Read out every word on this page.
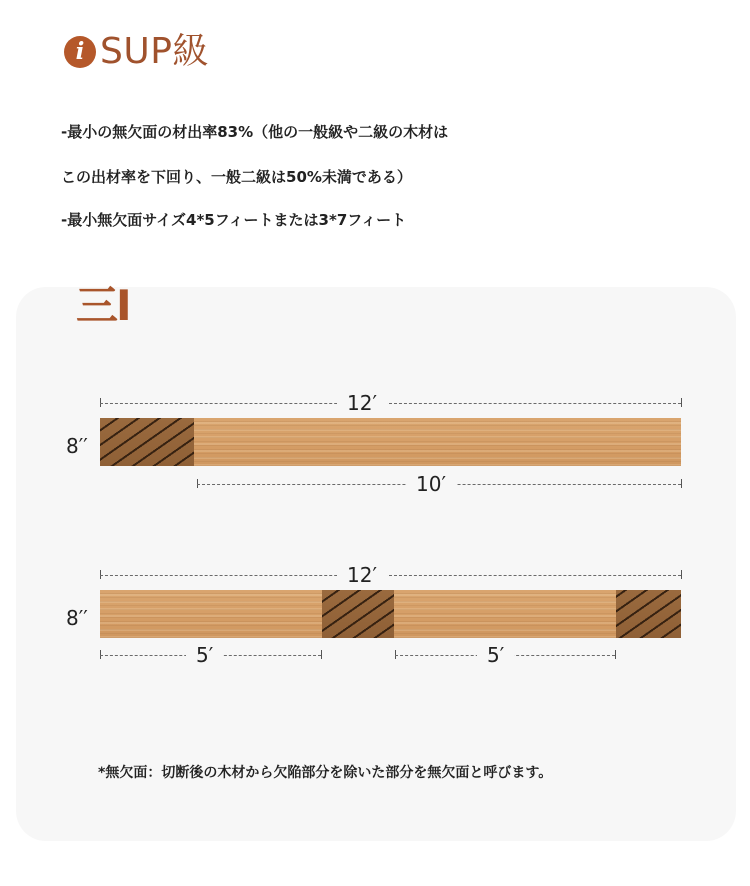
i SUP級
-最小の無欠面の材出率83%（他の一般級や二級の木材は
この出材率を下回り、一般二級は50%未満である）
-最小無欠面サイズ4*5フィートまたは3*7フィート
三I
12′
8′′
10′
12′
8′′
5′	5′
*無欠面：切断後の木材から欠陥部分を除いた部分を無欠面と呼びます。
